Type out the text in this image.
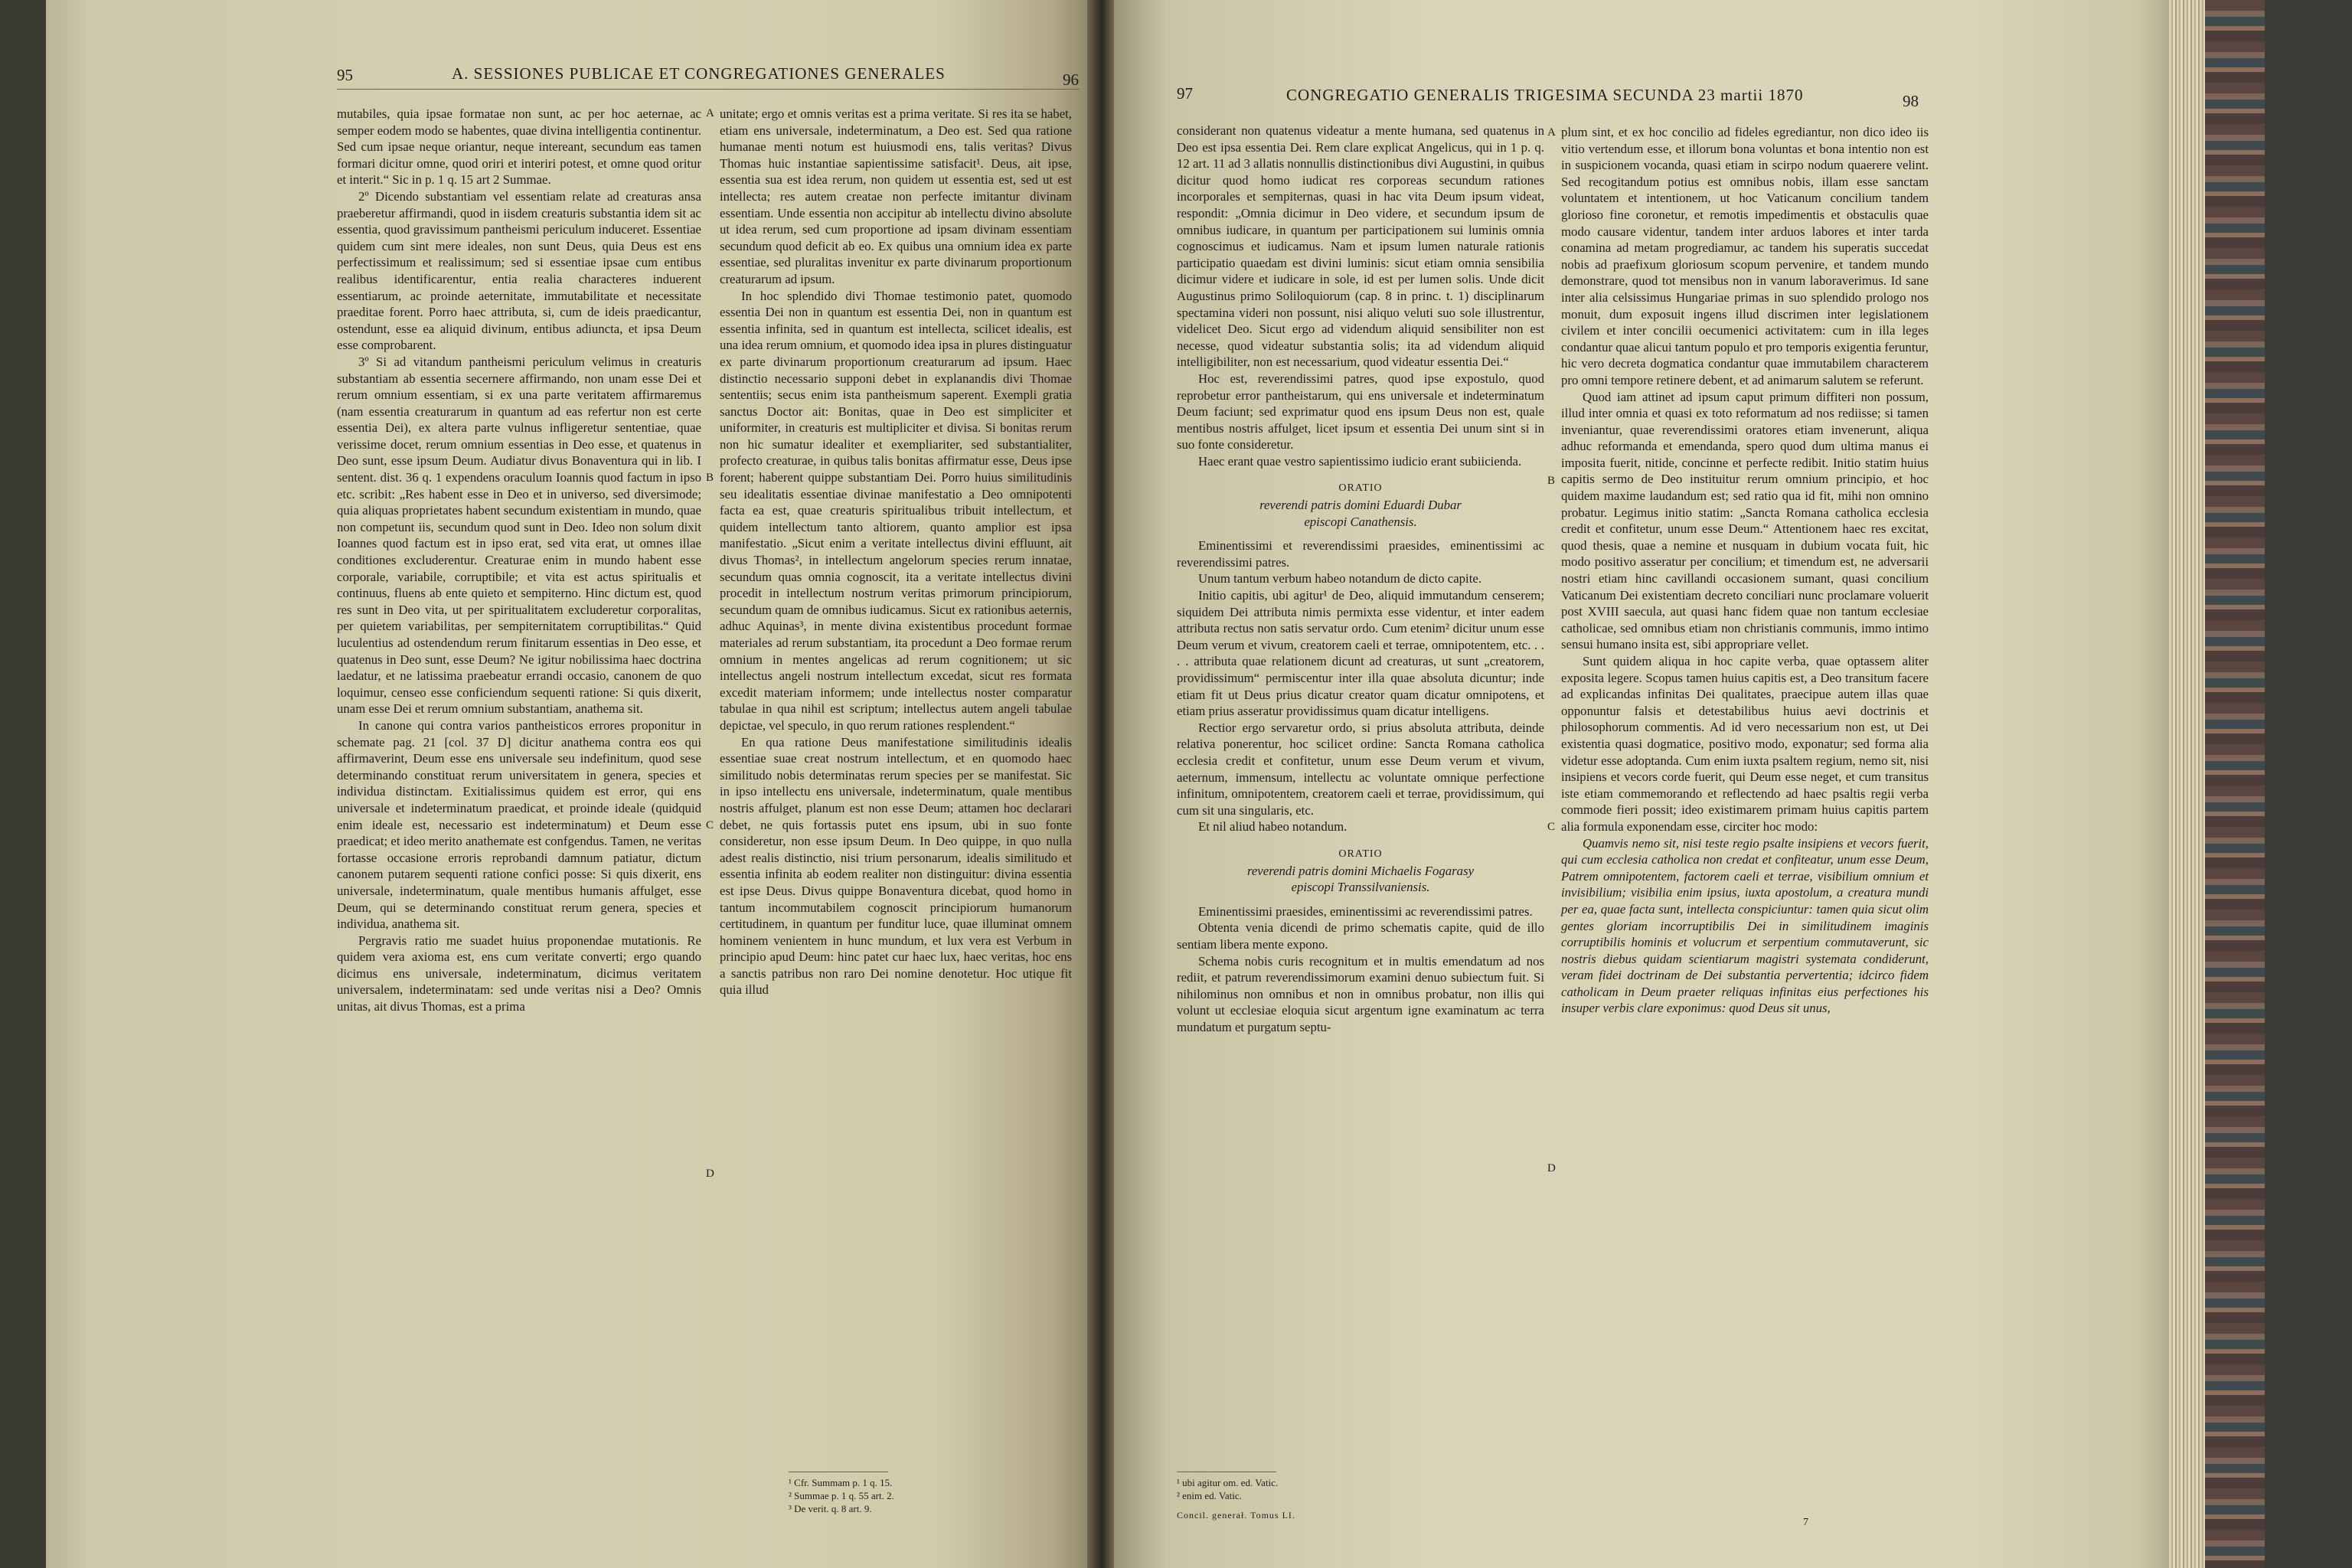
95	A. SESSIONES PUBLICAE ET CONGREGATIONES GENERALES	96

mutabiles, quia ipsae formatae non sunt, ac per hoc aeternae, ac semper eodem modo se habentes, quae divina intelligentia continentur. Sed cum ipsae neque oriantur, neque intereant, secundum eas tamen formari dicitur omne, quod oriri et interiri potest, et omne quod oritur et interit.“ Sic in p. 1 q. 15 art 2 Summae.

2º Dicendo substantiam vel essentiam relate ad creaturas ansa praeberetur affirmandi, quod in iisdem creaturis substantia idem sit ac essentia, quod gravissimum pantheismi periculum induceret. Essentiae quidem cum sint mere ideales, non sunt Deus, quia Deus est ens perfectissimum et realissimum; sed si essentiae ipsae cum entibus realibus identificarentur, entia realia characteres induerent essentiarum, ac proinde aeternitate, immutabilitate et necessitate praeditae forent. Porro haec attributa, si, cum de ideis praedicantur, ostendunt, esse ea aliquid divinum, entibus adiuncta, et ipsa Deum esse comprobarent.

3º Si ad vitandum pantheismi periculum velimus in creaturis substantiam ab essentia secernere affirmando, non unam esse Dei et rerum omnium essentiam, si ex una parte veritatem affirmaremus (nam essentia creaturarum in quantum ad eas refertur non est certe essentia Dei), ex altera parte vulnus infligeretur sententiae, quae verissime docet, rerum omnium essentias in Deo esse, et quatenus in Deo sunt, esse ipsum Deum. Audiatur divus Bonaventura qui in lib. I sentent. dist. 36 q. 1 expendens oraculum Ioannis quod factum in ipso etc. scribit: „Res habent esse in Deo et in universo, sed diversimode; quia aliquas proprietates habent secundum existentiam in mundo, quae non competunt iis, secundum quod sunt in Deo. Ideo non solum dixit Ioannes quod factum est in ipso erat, sed vita erat, ut omnes illae conditiones excluderentur. Creaturae enim in mundo habent esse corporale, variabile, corruptibile; et vita est actus spiritualis et continuus, fluens ab ente quieto et sempiterno. Hinc dictum est, quod res sunt in Deo vita, ut per spiritualitatem excluderetur corporalitas, per quietem variabilitas, per sempiternitatem corruptibilitas.“ Quid luculentius ad ostendendum rerum finitarum essentias in Deo esse, et quatenus in Deo sunt, esse Deum? Ne igitur nobilissima haec doctrina laedatur, et ne latissima praebeatur errandi occasio, canonem de quo loquimur, censeo esse conficiendum sequenti ratione: Si quis dixerit, unam esse Dei et rerum omnium substantiam, anathema sit.

In canone qui contra varios pantheisticos errores proponitur in schemate pag. 21 [col. 37 D] dicitur anathema contra eos qui affirmaverint, Deum esse ens universale seu indefinitum, quod sese determinando constituat rerum universitatem in genera, species et individua distinctam. Exitialissimus quidem est error, qui ens universale et indeterminatum praedicat, et proinde ideale (quidquid enim ideale est, necessario est indeterminatum) et Deum esse praedicat; et ideo merito anathemate est confgendus. Tamen, ne veritas fortasse occasione erroris reprobandi damnum patiatur, dictum canonem putarem sequenti ratione confici posse: Si quis dixerit, ens universale, indeterminatum, quale mentibus humanis affulget, esse Deum, qui se determinando constituat rerum genera, species et individua, anathema sit.

Pergravis ratio me suadet huius proponendae mutationis. Re quidem vera axioma est, ens cum veritate converti; ergo quando dicimus ens universale, indeterminatum, dicimus veritatem universalem, indeterminatam: sed unde veritas nisi a Deo? Omnis unitas, ait divus Thomas, est a prima

A
B
C
D

unitate; ergo et omnis veritas est a prima veritate. Si res ita se habet, etiam ens universale, indeterminatum, a Deo est. Sed qua ratione humanae menti notum est huiusmodi ens, talis veritas? Divus Thomas huic instantiae sapientissime satisfacit¹. Deus, ait ipse, essentia sua est idea rerum, non quidem ut essentia est, sed ut est intellecta; res autem creatae non perfecte imitantur divinam essentiam. Unde essentia non accipitur ab intellectu divino absolute ut idea rerum, sed cum proportione ad ipsam divinam essentiam secundum quod deficit ab eo. Ex quibus una omnium idea ex parte essentiae, sed pluralitas invenitur ex parte divinarum proportionum creaturarum ad ipsum.

In hoc splendido divi Thomae testimonio patet, quomodo essentia Dei non in quantum est essentia Dei, non in quantum est essentia infinita, sed in quantum est intellecta, scilicet idealis, est una idea rerum omnium, et quomodo idea ipsa in plures distinguatur ex parte divinarum proportionum creaturarum ad ipsum. Haec distinctio necessario supponi debet in explanandis divi Thomae sententiis; secus enim ista pantheismum saperent. Exempli gratia sanctus Doctor ait: Bonitas, quae in Deo est simpliciter et uniformiter, in creaturis est multipliciter et divisa. Si bonitas rerum non hic sumatur idealiter et exempliariter, sed substantialiter, profecto creaturae, in quibus talis bonitas affirmatur esse, Deus ipse forent; haberent quippe substantiam Dei. Porro huius similitudinis seu idealitatis essentiae divinae manifestatio a Deo omnipotenti facta ea est, quae creaturis spiritualibus tribuit intellectum, et quidem intellectum tanto altiorem, quanto amplior est ipsa manifestatio. „Sicut enim a veritate intellectus divini effluunt, ait divus Thomas², in intellectum angelorum species rerum innatae, secundum quas omnia cognoscit, ita a veritate intellectus divini procedit in intellectum nostrum veritas primorum principiorum, secundum quam de omnibus iudicamus. Sicut ex rationibus aeternis, adhuc Aquinas³, in mente divina existentibus procedunt formae materiales ad rerum substantiam, ita procedunt a Deo formae rerum omnium in mentes angelicas ad rerum cognitionem; ut sic intellectus angeli nostrum intellectum excedat, sicut res formata excedit materiam informem; unde intellectus noster comparatur tabulae in qua nihil est scriptum; intellectus autem angeli tabulae depictae, vel speculo, in quo rerum rationes resplendent.“

En qua ratione Deus manifestatione similitudinis idealis essentiae suae creat nostrum intellectum, et en quomodo haec similitudo nobis determinatas rerum species per se manifestat. Sic in ipso intellectu ens universale, indeterminatum, quale mentibus nostris affulget, planum est non esse Deum; attamen hoc declarari debet, ne quis fortassis putet ens ipsum, ubi in suo fonte consideretur, non esse ipsum Deum. In Deo quippe, in quo nulla adest realis distinctio, nisi trium personarum, idealis similitudo et essentia infinita ab eodem realiter non distinguitur: divina essentia est ipse Deus. Divus quippe Bonaventura dicebat, quod homo in tantum incommutabilem cognoscit principiorum humanorum certitudinem, in quantum per funditur luce, quae illuminat omnem hominem venientem in hunc mundum, et lux vera est Verbum in principio apud Deum: hinc patet cur haec lux, haec veritas, hoc ens a sanctis patribus non raro Dei nomine denotetur. Hoc utique fit quia illud

¹ Cfr. Summam p. 1 q. 15.
² Summae p. 1 q. 55 art. 2.
³ De verit. q. 8 art. 9.
97	CONGREGATIO GENERALIS TRIGESIMA SECUNDA 23 martii 1870	98

considerant non quatenus videatur a mente humana, sed quatenus in Deo est ipsa essentia Dei. Rem clare explicat Angelicus, qui in 1 p. q. 12 art. 11 ad 3 allatis nonnullis distinctionibus divi Augustini, in quibus dicitur quod homo iudicat res corporeas secundum rationes incorporales et sempiternas, quasi in hac vita Deum ipsum videat, respondit: „Omnia dicimur in Deo videre, et secundum ipsum de omnibus iudicare, in quantum per participationem sui luminis omnia cognoscimus et iudicamus. Nam et ipsum lumen naturale rationis participatio quaedam est divini luminis: sicut etiam omnia sensibilia dicimur videre et iudicare in sole, id est per lumen solis. Unde dicit Augustinus primo Soliloquiorum (cap. 8 in princ. t. 1) disciplinarum spectamina videri non possunt, nisi aliquo veluti suo sole illustrentur, videlicet Deo. Sicut ergo ad videndum aliquid sensibiliter non est necesse, quod videatur substantia solis; ita ad videndum aliquid intelligibiliter, non est necessarium, quod videatur essentia Dei.“

Hoc est, reverendissimi patres, quod ipse expostulo, quod reprobetur error pantheistarum, qui ens universale et indeterminatum Deum faciunt; sed exprimatur quod ens ipsum Deus non est, quale mentibus nostris affulget, licet ipsum et essentia Dei unum sint si in suo fonte consideretur.

Haec erant quae vestro sapientissimo iudicio erant subiicienda.

ORATIO
reverendi patris domini Eduardi Dubar
episcopi Canathensis.

Eminentissimi et reverendissimi praesides, eminentissimi ac reverendissimi patres.

Unum tantum verbum habeo notandum de dicto capite.

Initio capitis, ubi agitur¹ de Deo, aliquid immutandum censerem; siquidem Dei attributa nimis permixta esse videntur, et inter eadem attributa rectus non satis servatur ordo. Cum etenim² dicitur unum esse Deum verum et vivum, creatorem caeli et terrae, omnipotentem, etc. . . . . attributa quae relationem dicunt ad creaturas, ut sunt „creatorem, providissimum“ permiscentur inter illa quae absoluta dicuntur; inde etiam fit ut Deus prius dicatur creator quam dicatur omnipotens, et etiam prius asseratur providissimus quam dicatur intelligens.

Rectior ergo servaretur ordo, si prius absoluta attributa, deinde relativa ponerentur, hoc scilicet ordine: Sancta Romana catholica ecclesia credit et confitetur, unum esse Deum verum et vivum, aeternum, immensum, intellectu ac voluntate omnique perfectione infinitum, omnipotentem, creatorem caeli et terrae, providissimum, qui cum sit una singularis, etc.

Et nil aliud habeo notandum.

ORATIO
reverendi patris domini Michaelis Fogarasy
episcopi Transsilvaniensis.

Eminentissimi praesides, eminentissimi ac reverendissimi patres.

Obtenta venia dicendi de primo schematis capite, quid de illo sentiam libera mente expono.

Schema nobis curis recognitum et in multis emendatum ad nos rediit, et patrum reverendissimorum examini denuo subiectum fuit. Si nihilominus non omnibus et non in omnibus probatur, non illis qui volunt ut ecclesiae eloquia sicut argentum igne examinatum ac terra mundatum et purgatum septu-

A
B
C
D

plum sint, et ex hoc concilio ad fideles egrediantur, non dico ideo iis vitio vertendum esse, et illorum bona voluntas et bona intentio non est in suspicionem vocanda, quasi etiam in scirpo nodum quaerere velint. Sed recogitandum potius est omnibus nobis, illam esse sanctam voluntatem et intentionem, ut hoc Vaticanum concilium tandem glorioso fine coronetur, et remotis impedimentis et obstaculis quae modo causare videntur, tandem inter arduos labores et inter tarda conamina ad metam progrediamur, ac tandem his superatis succedat nobis ad praefixum gloriosum scopum pervenire, et tandem mundo demonstrare, quod tot mensibus non in vanum laboraverimus. Id sane inter alia celsissimus Hungariae primas in suo splendido prologo nos monuit, dum exposuit ingens illud discrimen inter legislationem civilem et inter concilii oecumenici activitatem: cum in illa leges condantur quae alicui tantum populo et pro temporis exigentia feruntur, hic vero decreta dogmatica condantur quae immutabilem characterem pro omni tempore retinere debent, et ad animarum salutem se referunt.

Quod iam attinet ad ipsum caput primum diffiteri non possum, illud inter omnia et quasi ex toto reformatum ad nos rediisse; si tamen inveniantur, quae reverendissimi oratores etiam invenerunt, aliqua adhuc reformanda et emendanda, spero quod dum ultima manus ei imposita fuerit, nitide, concinne et perfecte redibit. Initio statim huius capitis sermo de Deo instituitur rerum omnium principio, et hoc quidem maxime laudandum est; sed ratio qua id fit, mihi non omnino probatur. Legimus initio statim: „Sancta Romana catholica ecclesia credit et confitetur, unum esse Deum.“ Attentionem haec res excitat, quod thesis, quae a nemine et nusquam in dubium vocata fuit, hic modo positivo asseratur per concilium; et timendum est, ne adversarii nostri etiam hinc cavillandi occasionem sumant, quasi concilium Vaticanum Dei existentiam decreto conciliari nunc proclamare voluerit post XVIII saecula, aut quasi hanc fidem quae non tantum ecclesiae catholicae, sed omnibus etiam non christianis communis, immo intimo sensui humano insita est, sibi appropriare vellet.

Sunt quidem aliqua in hoc capite verba, quae optassem aliter exposita legere. Scopus tamen huius capitis est, a Deo transitum facere ad explicandas infinitas Dei qualitates, praecipue autem illas quae opponuntur falsis et detestabilibus huius aevi doctrinis et philosophorum commentis. Ad id vero necessarium non est, ut Dei existentia quasi dogmatice, positivo modo, exponatur; sed forma alia videtur esse adoptanda. Cum enim iuxta psaltem regium, nemo sit, nisi insipiens et vecors corde fuerit, qui Deum esse neget, et cum transitus iste etiam commemorando et reflectendo ad haec psaltis regii verba commode fieri possit; ideo existimarem primam huius capitis partem alia formula exponendam esse, circiter hoc modo:

Quamvis nemo sit, nisi teste regio psalte insipiens et vecors fuerit, qui cum ecclesia catholica non credat et confiteatur, unum esse Deum, Patrem omnipotentem, factorem caeli et terrae, visibilium omnium et invisibilium; visibilia enim ipsius, iuxta apostolum, a creatura mundi per ea, quae facta sunt, intellecta conspiciuntur: tamen quia sicut olim gentes gloriam incorruptibilis Dei in similitudinem imaginis corruptibilis hominis et volucrum et serpentium commutaverunt, sic nostris diebus quidam scientiarum magistri systemata condiderunt, veram fidei doctrinam de Dei substantia pervertentia; idcirco fidem catholicam in Deum praeter reliquas infinitas eius perfectiones his insuper verbis clare exponimus: quod Deus sit unus,

¹ ubi agitur om. ed. Vatic.
² enim ed. Vatic.
Concil. generał. Tomus LI.
7
